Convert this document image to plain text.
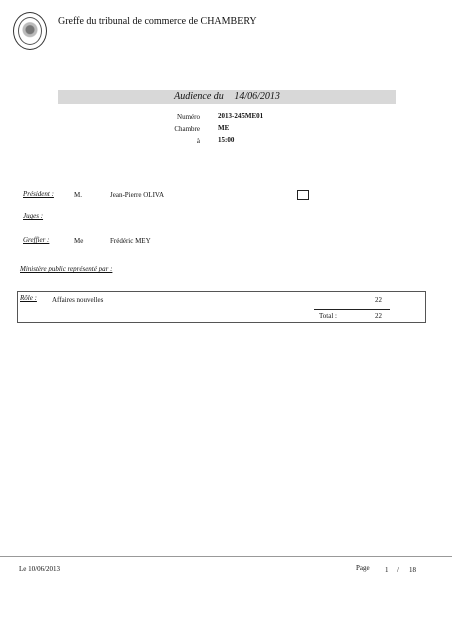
Greffe du tribunal de commerce de CHAMBERY
Audience du 14/06/2013
Numéro	2013-245ME01
Chambre	ME
à	15:00
Président :	M.	Jean-Pierre OLIVA
Juges :
Greffier :	Me	Frédéric MEY
Ministère public représenté par :
Rôle : Affaires nouvelles	22
Total :	22
Le 10/06/2013	Page 1 / 18
